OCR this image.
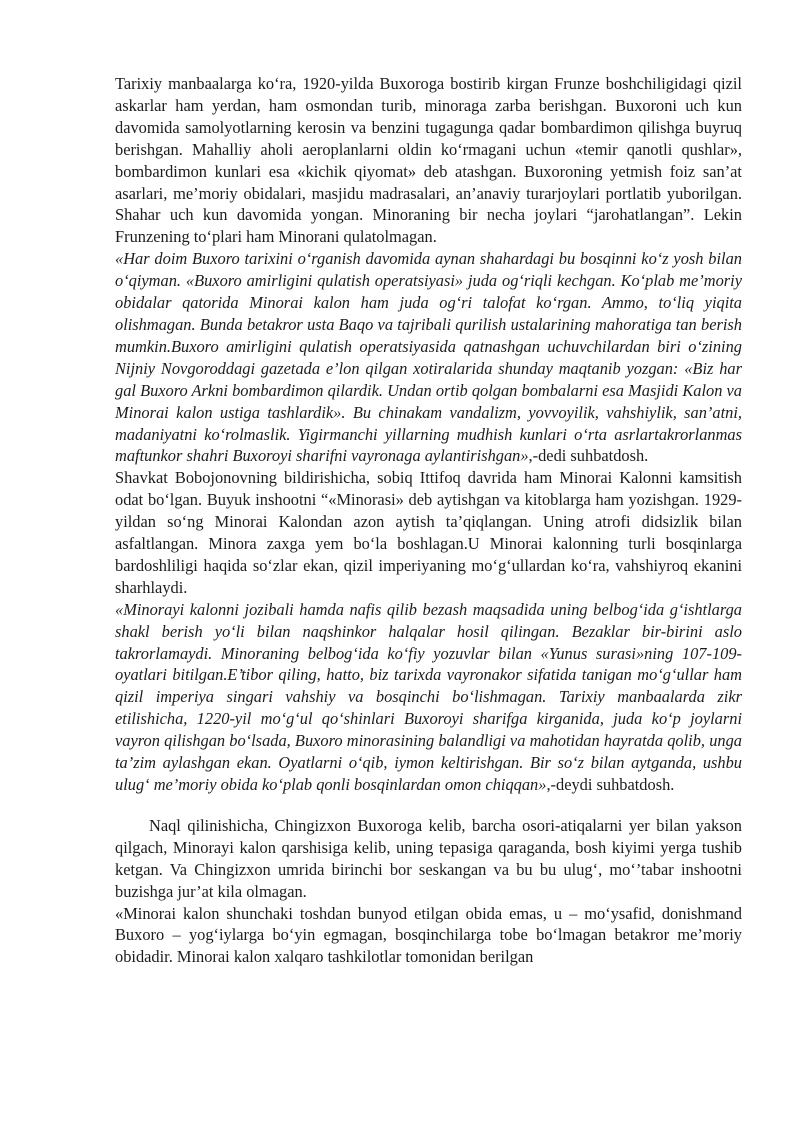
Tarixiy manbaalarga ko‘ra, 1920-yilda Buxoroga bostirib kirgan Frunze boshchiligidagi qizil askarlar ham yerdan, ham osmondan turib, minoraga zarba berishgan. Buxoroni uch kun davomida samolyotlarning kerosin va benzini tugagunga qadar bombardimon qilishga buyruq berishgan. Mahalliy aholi aeroplanlarni oldin ko‘rmagani uchun «temir qanotli qushlar», bombardimon kunlari esa «kichik qiyomat» deb atashgan. Buxoroning yetmish foiz san’at asarlari, me’moriy obidalari, masjidu madrasalari, an’anaviy turarjoylari portlatib yuborilgan. Shahar uch kun davomida yongan. Minoraning bir necha joylari “jarohatlangan”. Lekin Frunzening to‘plari ham Minorani qulatolmagan.

«Har doim Buxoro tarixini o‘rganish davomida aynan shahardagi bu bosqinni ko‘z yosh bilan o‘qiyman. «Buxoro amirligini qulatish operatsiyasi» juda og‘riqli kechgan. Ko‘plab me’moriy obidalar qatorida Minorai kalon ham juda og‘ri talofat ko‘rgan. Ammo, to‘liq yiqita olishmagan. Bunda betakror usta Baqo va tajribali qurilish ustalarining mahoratiga tan berish mumkin.Buxoro amirligini qulatish operatsiyasida qatnashgan uchuvchilardan biri o‘zining Nijniy Novgoroddagi gazetada e’lon qilgan xotiralarida shunday maqtanib yozgan: «Biz har gal Buxoro Arkni bombardimon qilardik. Undan ortib qolgan bombalarni esa Masjidi Kalon va Minorai kalon ustiga tashlardik». Bu chinakam vandalizm, yovvoyilik, vahshiylik, san’atni, madaniyatni ko‘rolmaslik. Yigirmanchi yillarning mudhish kunlari o‘rta asrlartakrorlanmas maftunkor shahri Buxoroyi sharifni vayronaga aylantirishgan»,-dedi suhbatdosh.

Shavkat Bobojonovning bildirishicha, sobiq Ittifoq davrida ham Minorai Kalonni kamsitish odat bo‘lgan. Buyuk inshootni “«Minorasi» deb aytishgan va kitoblarga ham yozishgan. 1929-yildan so‘ng Minorai Kalondan azon aytish ta’qiqlangan. Uning atrofi didsizlik bilan asfaltlangan. Minora zaxga yem bo‘la boshlagan.U Minorai kalonning turli bosqinlarga bardoshliligi haqida so‘zlar ekan, qizil imperiyaning mo‘g‘ullardan ko‘ra, vahshiyroq ekanini sharhlaydi.

«Minorayi kalonni jozibali hamda nafis qilib bezash maqsadida uning belbog‘ida g‘ishtlarga shakl berish yo‘li bilan naqshinkor halqalar hosil qilingan. Bezaklar bir-birini aslo takrorlamaydi. Minoraning belbog‘ida ko‘fiy yozuvlar bilan «Yunus surasi»ning 107-109-oyatlari bitilgan.E’tibor qiling, hatto, biz tarixda vayronakor sifatida tanigan mo‘g‘ullar ham qizil imperiya singari vahshiy va bosqinchi bo‘lishmagan. Tarixiy manbaalarda zikr etilishicha, 1220-yil mo‘g‘ul qo‘shinlari Buxoroyi sharifga kirganida, juda ko‘p joylarni vayron qilishgan bo‘lsada, Buxoro minorasining balandligi va mahotidan hayratda qolib, unga ta’zim aylashgan ekan. Oyatlarni o‘qib, iymon keltirishgan. Bir so‘z bilan aytganda, ushbu ulug‘ me’moriy obida ko‘plab qonli bosqinlardan omon chiqqan»,-deydi suhbatdosh.

Naql qilinishicha, Chingizxon Buxoroga kelib, barcha osori-atiqalarni yer bilan yakson qilgach, Minorayi kalon qarshisiga kelib, uning tepasiga qaraganda, bosh kiyimi yerga tushib ketgan. Va Chingizxon umrida birinchi bor seskangan va bu bu ulug‘, mo‘’tabar inshootni buzishga jur’at kila olmagan.

«Minorai kalon shunchaki toshdan bunyod etilgan obida emas, u – mo‘ysafid, donishmand Buxoro – yog‘iylarga bo‘yin egmagan, bosqinchilarga tobe bo‘lmagan betakror me’moriy obidadir. Minorai kalon xalqaro tashkilotlar tomonidan berilgan
